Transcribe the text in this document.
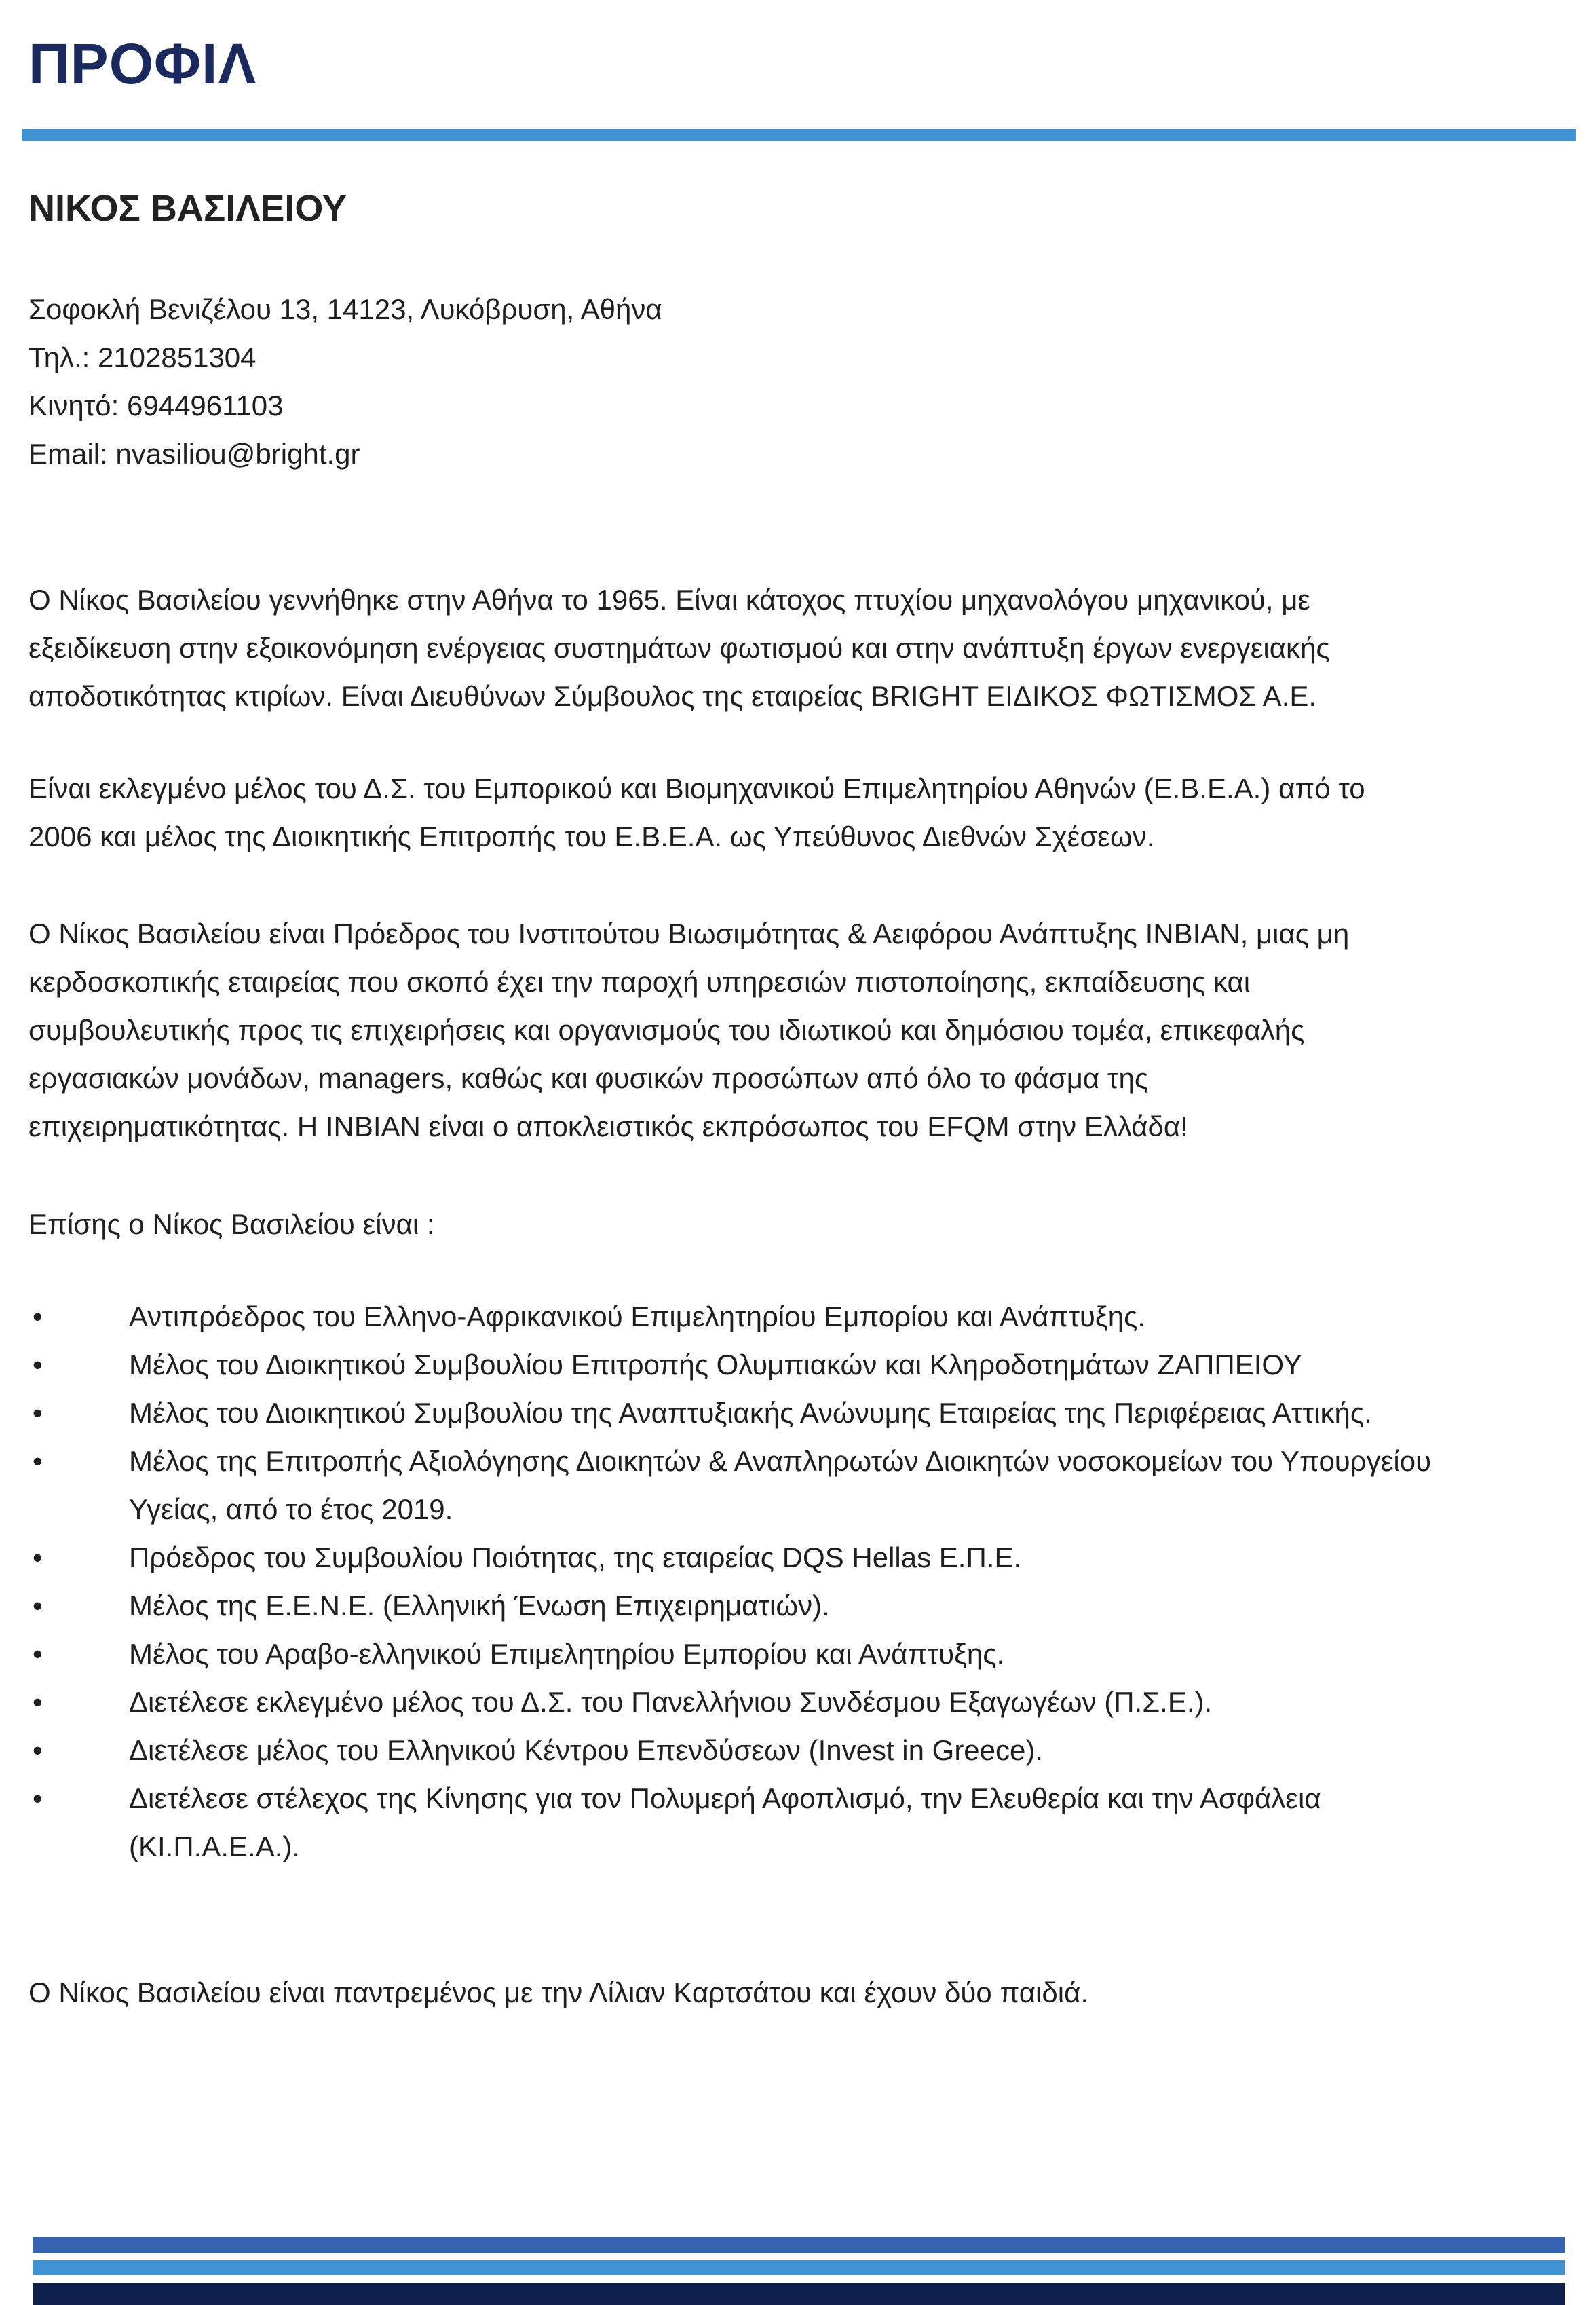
ΠΡΟΦΙΛ
ΝΙΚΟΣ ΒΑΣΙΛΕΙΟΥ
Σοφοκλή Βενιζέλου 13, 14123, Λυκόβρυση, Αθήνα
Τηλ.: 2102851304
Κινητό: 6944961103
Email: nvasiliou@bright.gr
Ο Νίκος Βασιλείου γεννήθηκε στην Αθήνα το 1965. Είναι κάτοχος πτυχίου μηχανολόγου μηχανικού, με
εξειδίκευση στην εξοικονόμηση ενέργειας συστημάτων φωτισμού και στην ανάπτυξη έργων ενεργειακής
αποδοτικότητας κτιρίων. Είναι Διευθύνων Σύμβουλος της εταιρείας BRIGHT ΕΙΔΙΚΟΣ ΦΩΤΙΣΜΟΣ Α.Ε.
Είναι εκλεγμένο μέλος του Δ.Σ. του Εμπορικού και Βιομηχανικού Επιμελητηρίου Αθηνών (Ε.Β.Ε.Α.) από το
2006 και μέλος της Διοικητικής Επιτροπής του Ε.Β.Ε.Α. ως Υπεύθυνος Διεθνών Σχέσεων.
Ο Νίκος Βασιλείου είναι Πρόεδρος του Ινστιτούτου Βιωσιμότητας & Αειφόρου Ανάπτυξης INBIAN, μιας μη
κερδοσκοπικής εταιρείας που σκοπό έχει την παροχή υπηρεσιών πιστοποίησης, εκπαίδευσης και
συμβουλευτικής προς τις επιχειρήσεις και οργανισμούς του ιδιωτικού και δημόσιου τομέα, επικεφαλής
εργασιακών μονάδων, managers, καθώς και φυσικών προσώπων από όλο το φάσμα της
επιχειρηματικότητας. Η INBIAN είναι ο αποκλειστικός εκπρόσωπος του EFQM στην Ελλάδα!
Επίσης ο Νίκος Βασιλείου είναι :
•	Αντιπρόεδρος του Ελληνο-Αφρικανικού Επιμελητηρίου Εμπορίου και Ανάπτυξης.
•	Μέλος του Διοικητικού Συμβουλίου Επιτροπής Ολυμπιακών και Κληροδοτημάτων ΖΑΠΠΕΙΟΥ
•	Μέλος του Διοικητικού Συμβουλίου της Αναπτυξιακής Ανώνυμης Εταιρείας της Περιφέρειας Αττικής.
•	Μέλος της Επιτροπής Αξιολόγησης Διοικητών & Αναπληρωτών Διοικητών νοσοκομείων του Υπουργείου Υγείας, από το έτος 2019.
•	Πρόεδρος του Συμβουλίου Ποιότητας, της εταιρείας DQS Hellas Ε.Π.Ε.
•	Μέλος της Ε.Ε.Ν.Ε. (Ελληνική Ένωση Επιχειρηματιών).
•	Μέλος του Αραβο-ελληνικού Επιμελητηρίου Εμπορίου και Ανάπτυξης.
•	Διετέλεσε εκλεγμένο μέλος του Δ.Σ. του Πανελλήνιου Συνδέσμου Εξαγωγέων (Π.Σ.Ε.).
•	Διετέλεσε μέλος του Ελληνικού Κέντρου Επενδύσεων (Invest in Greece).
•	Διετέλεσε στέλεχος της Κίνησης για τον Πολυμερή Αφοπλισμό, την Ελευθερία και την Ασφάλεια (ΚΙ.Π.Α.Ε.Α.).
Ο Νίκος Βασιλείου είναι παντρεμένος με την Λίλιαν Καρτσάτου και έχουν δύο παιδιά.
